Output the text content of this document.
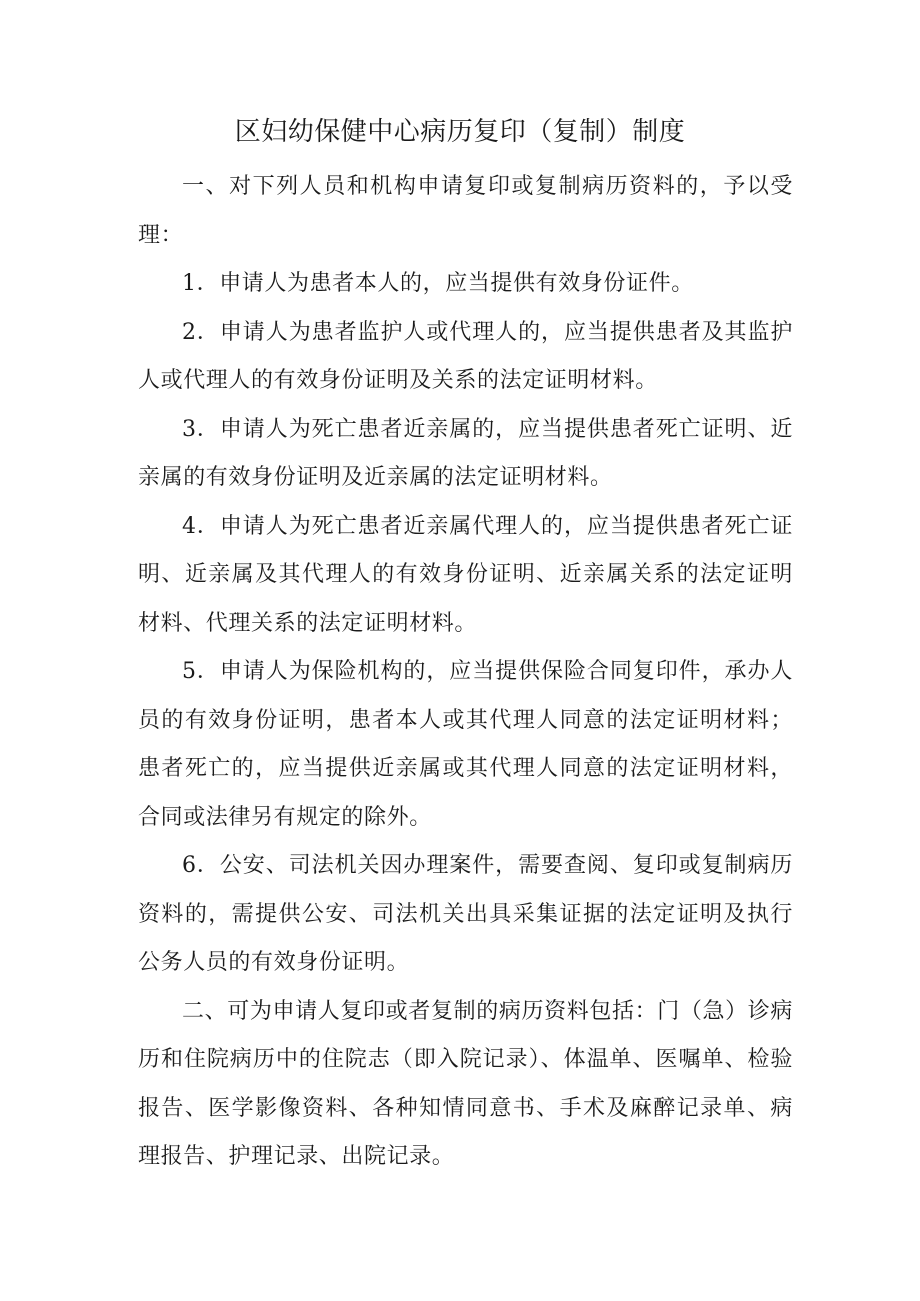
区妇幼保健中心病历复印（复制）制度

一、对下列人员和机构申请复印或复制病历资料的，予以受理：

1．申请人为患者本人的，应当提供有效身份证件。

2．申请人为患者监护人或代理人的，应当提供患者及其监护人或代理人的有效身份证明及关系的法定证明材料。

3．申请人为死亡患者近亲属的，应当提供患者死亡证明、近亲属的有效身份证明及近亲属的法定证明材料。

4．申请人为死亡患者近亲属代理人的，应当提供患者死亡证明、近亲属及其代理人的有效身份证明、近亲属关系的法定证明材料、代理关系的法定证明材料。

5．申请人为保险机构的，应当提供保险合同复印件，承办人员的有效身份证明，患者本人或其代理人同意的法定证明材料；患者死亡的，应当提供近亲属或其代理人同意的法定证明材料，合同或法律另有规定的除外。

6．公安、司法机关因办理案件，需要查阅、复印或复制病历资料的，需提供公安、司法机关出具采集证据的法定证明及执行公务人员的有效身份证明。

二、可为申请人复印或者复制的病历资料包括：门（急）诊病历和住院病历中的住院志（即入院记录）、体温单、医嘱单、检验报告、医学影像资料、各种知情同意书、手术及麻醉记录单、病理报告、护理记录、出院记录。
